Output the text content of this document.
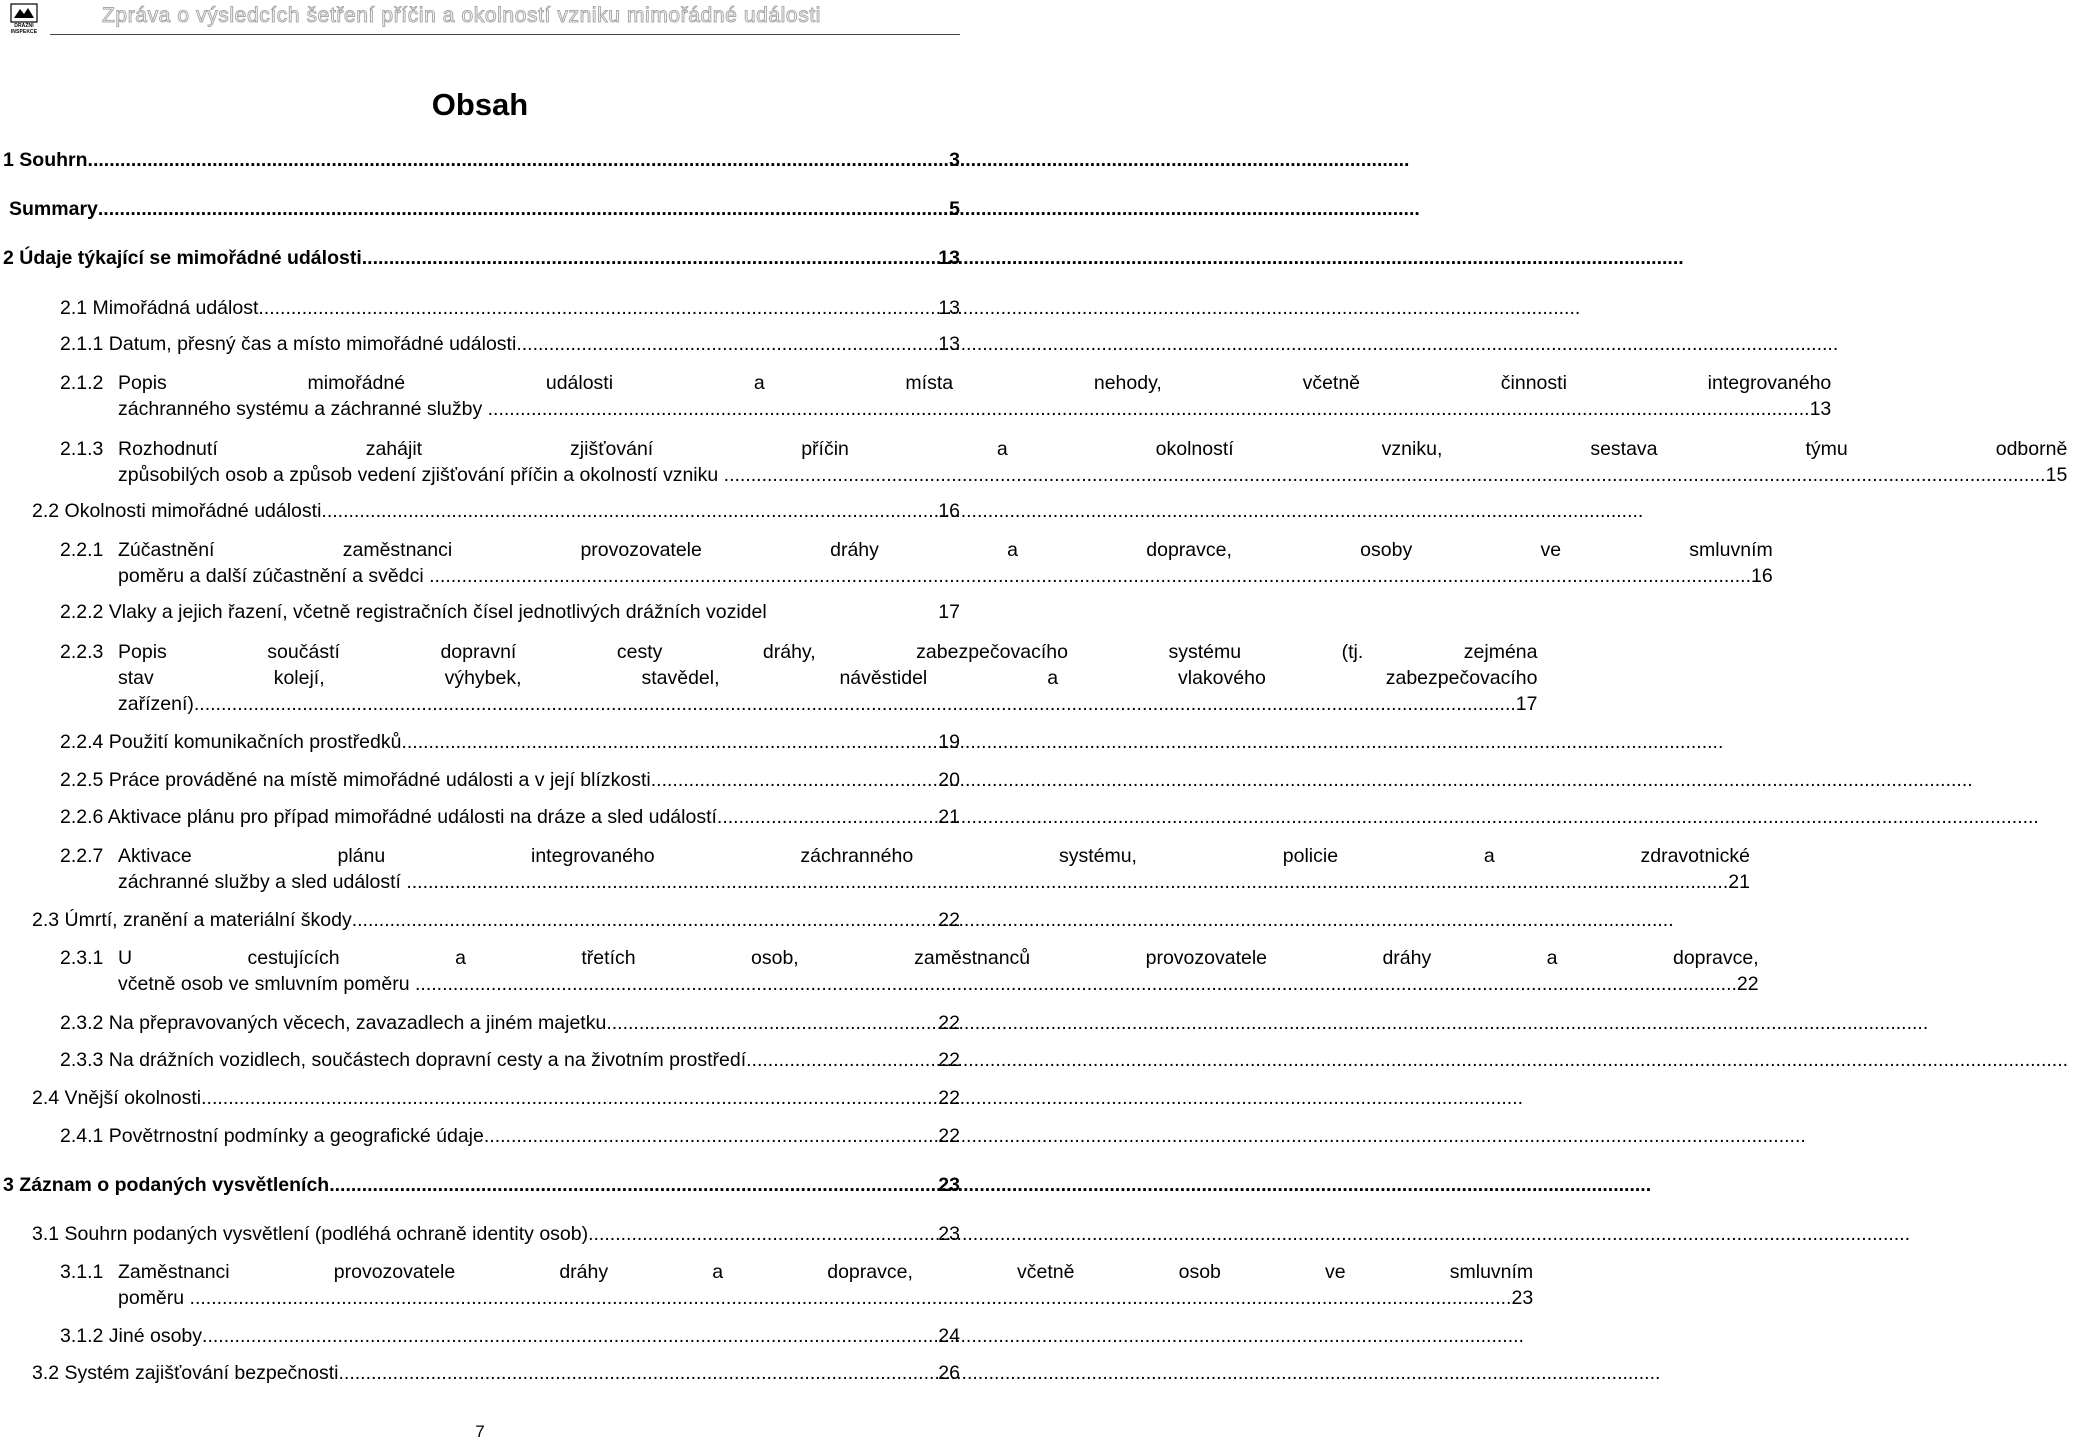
DRÁŽNÍ
INSPEKCE
Zpráva o výsledcích šetření příčin a okolností vzniku mimořádné události
Obsah
1 Souhrn .....	3
Summary .....	5
2 Údaje týkající se mimořádné události .....	13
2.1 Mimořádná událost .....	13
2.1.1 Datum, přesný čas a místo mimořádné události .....	13
2.1.2 Popis mimořádné události a místa nehody, včetně činnosti integrovaného
záchranného systému a záchranné služby
.....	13
2.1.3 Rozhodnutí zahájit zjišťování příčin a okolností vzniku, sestava týmu odborně
způsobilých osob a způsob vedení zjišťování příčin a okolností vzniku
.....	15
2.2 Okolnosti mimořádné události .....	16
2.2.1 Zúčastnění zaměstnanci provozovatele dráhy a dopravce, osoby ve smluvním
poměru a další zúčastnění a svědci
.....	16
2.2.2 Vlaky a jejich řazení, včetně registračních čísel jednotlivých drážních vozidel	17
2.2.3 Popis součástí dopravní cesty dráhy, zabezpečovacího systému (tj. zejména
stav kolejí, výhybek, stavědel, návěstidel a vlakového zabezpečovacího
zařízení) .....	17
2.2.4 Použití komunikačních prostředků .....	19
2.2.5 Práce prováděné na místě mimořádné události a v její blízkosti .....	20
2.2.6 Aktivace plánu pro případ mimořádné události na dráze a sled událostí .....	21
2.2.7 Aktivace plánu integrovaného záchranného systému, policie a zdravotnické
záchranné služby a sled událostí
.....	21
2.3 Úmrtí, zranění a materiální škody .....	22
2.3.1 U cestujících a třetích osob, zaměstnanců provozovatele dráhy a dopravce,
včetně osob ve smluvním poměru
.....	22
2.3.2 Na přepravovaných věcech, zavazadlech a jiném majetku .....	22
2.3.3 Na drážních vozidlech, součástech dopravní cesty a na životním prostředí .....	22
2.4 Vnější okolnosti .....	22
2.4.1 Povětrnostní podmínky a geografické údaje .....	22
3 Záznam o podaných vysvětleních .....	23
3.1 Souhrn podaných vysvětlení (podléhá ochraně identity osob) .....	23
3.1.1 Zaměstnanci provozovatele dráhy a dopravce, včetně osob ve smluvním
poměru
.....	23
3.1.2 Jiné osoby .....	24
3.2 Systém zajišťování bezpečnosti .....	26
7
